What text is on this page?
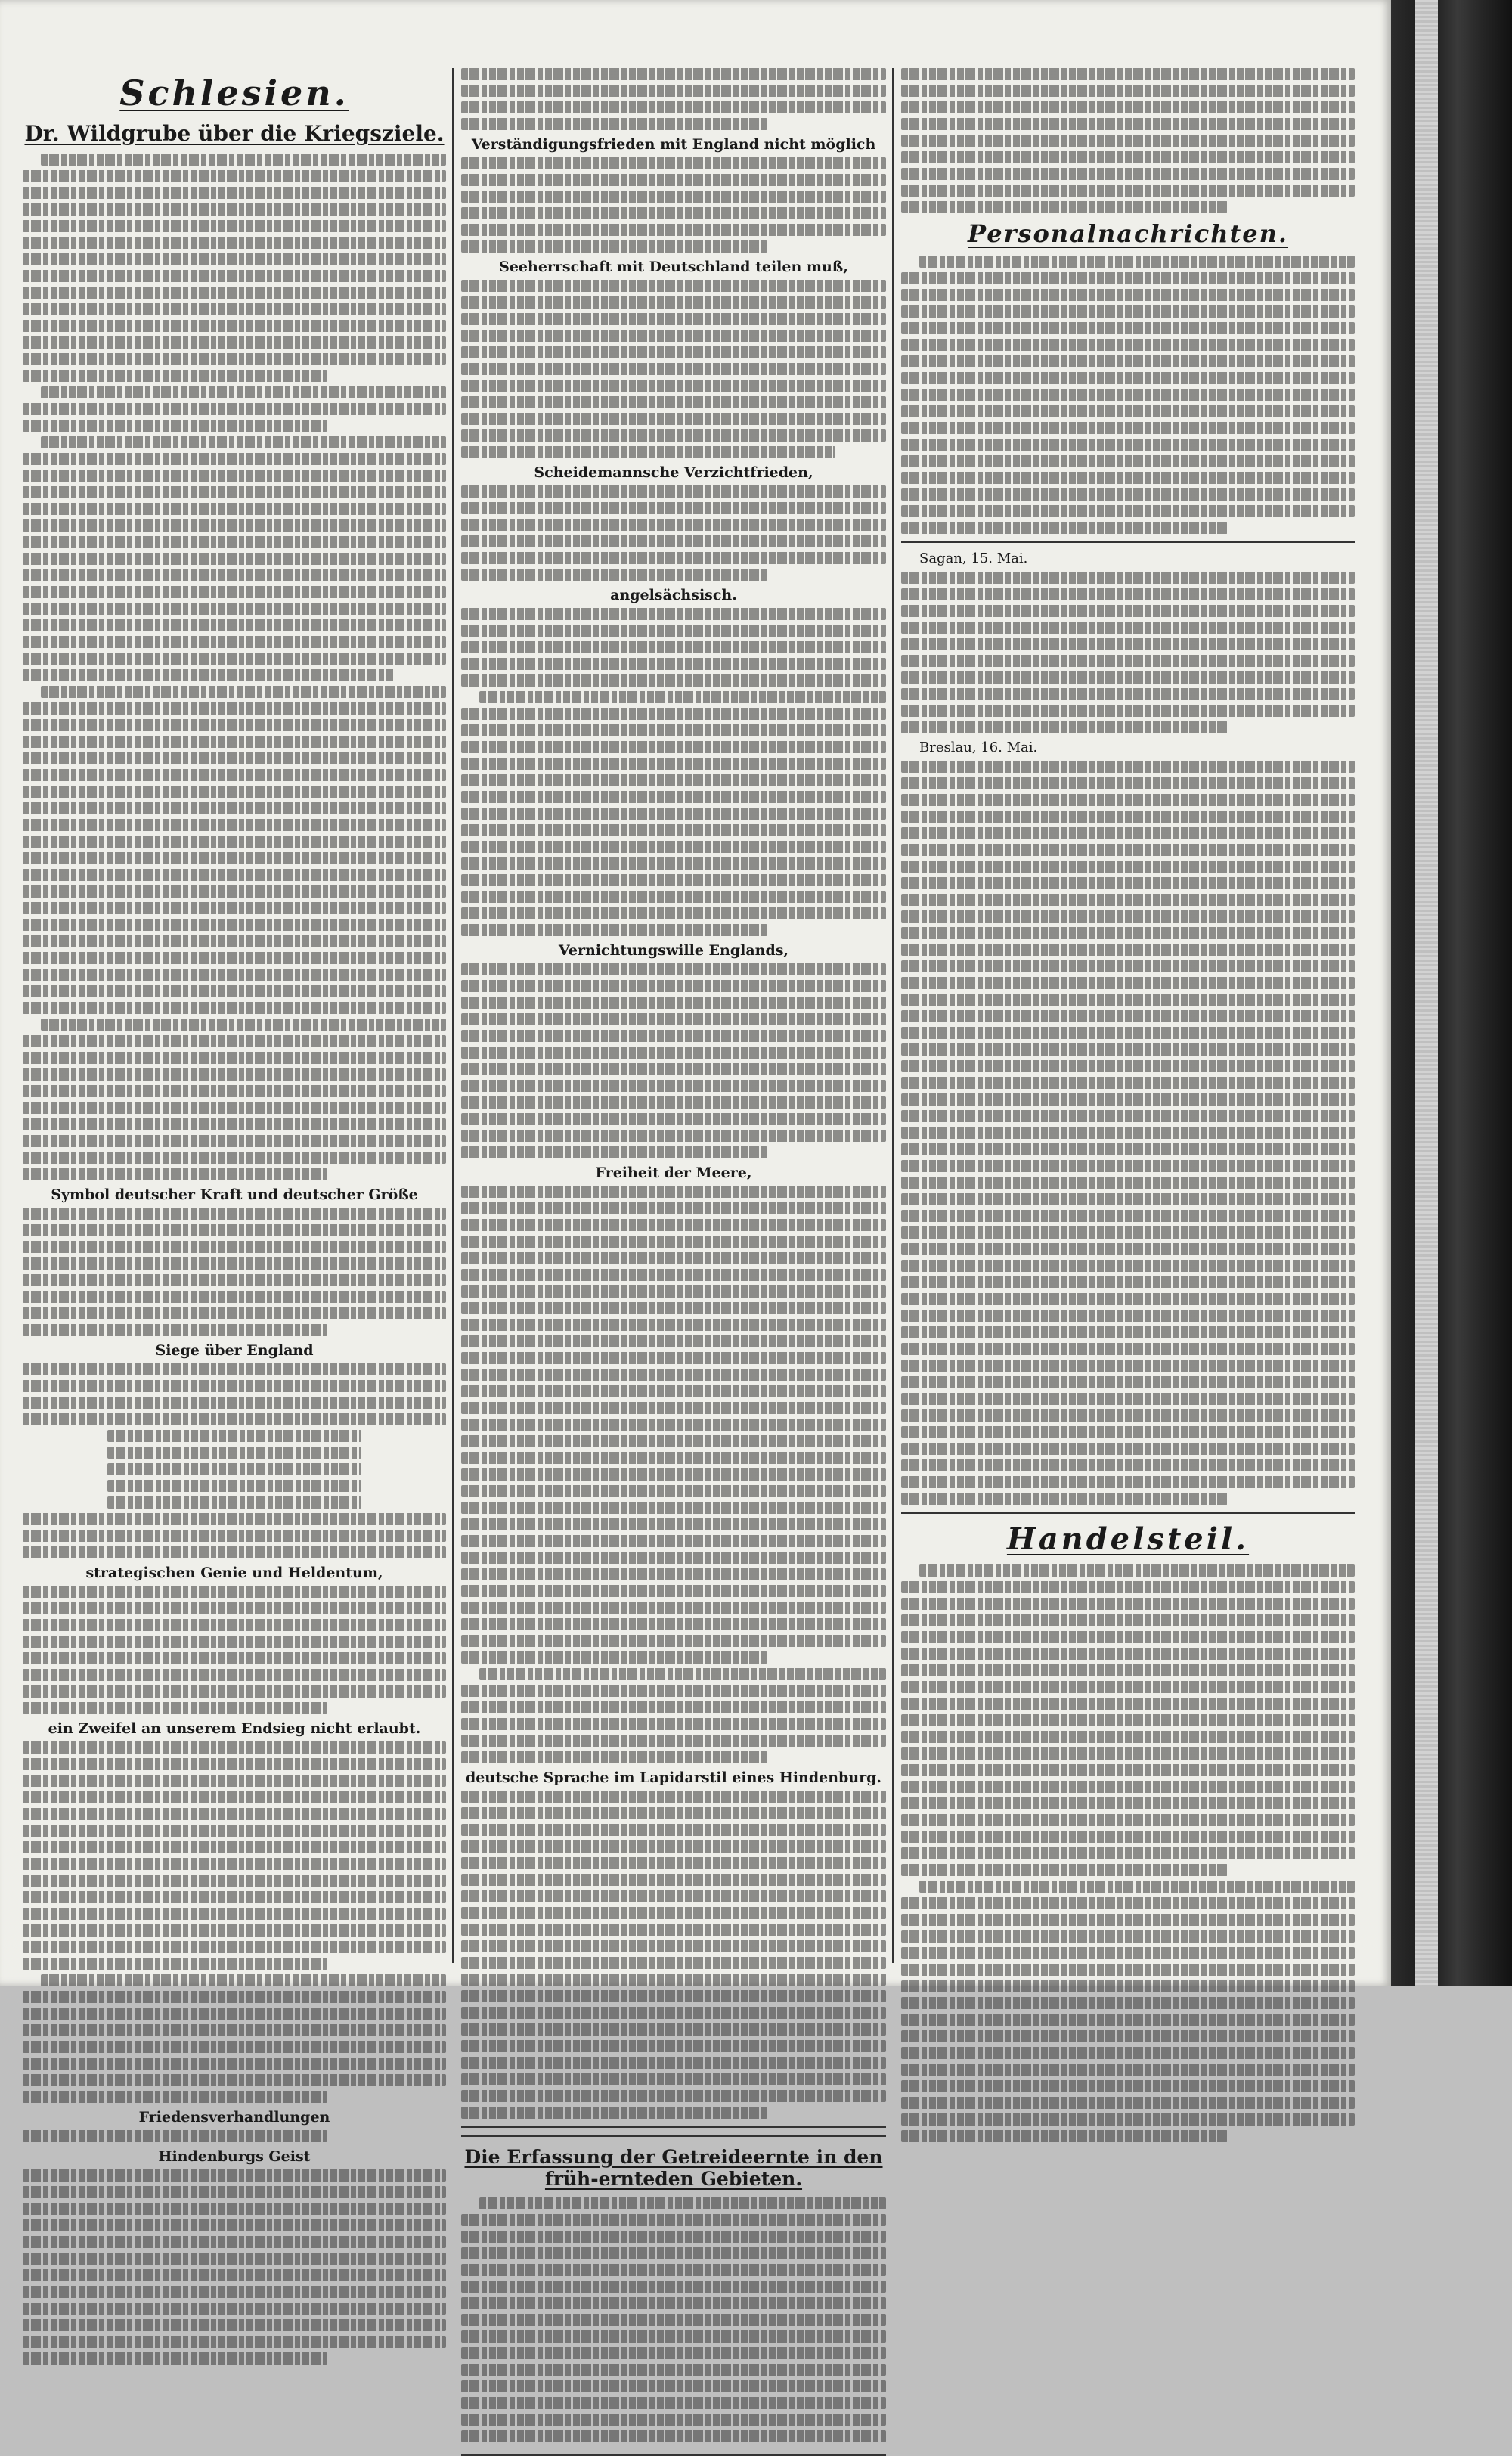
Schlesien.
Dr. Wildgrube über die Kriegsziele.
Symbol deutscher Kraft und deutscher Größe
Siege über England
strategischen Genie und Heldentum,
ein Zweifel an unserem Endsieg nicht erlaubt.
Friedensverhandlungen
Hindenburgs Geist
Verständigungsfrieden mit England nicht möglich
Seeherrschaft mit Deutschland teilen muß,
Scheidemannsche Verzichtfrieden,
angelsächsisch.
Vernichtungswille Englands,
Freiheit der Meere,
deutsche Sprache im Lapidarstil eines Hindenburg.
Die Erfassung der Getreideernte in den früh-ernteden Gebieten.
Personalnachrichten.
Sagan, 15. Mai.
Breslau, 16. Mai.
Handelsteil.
